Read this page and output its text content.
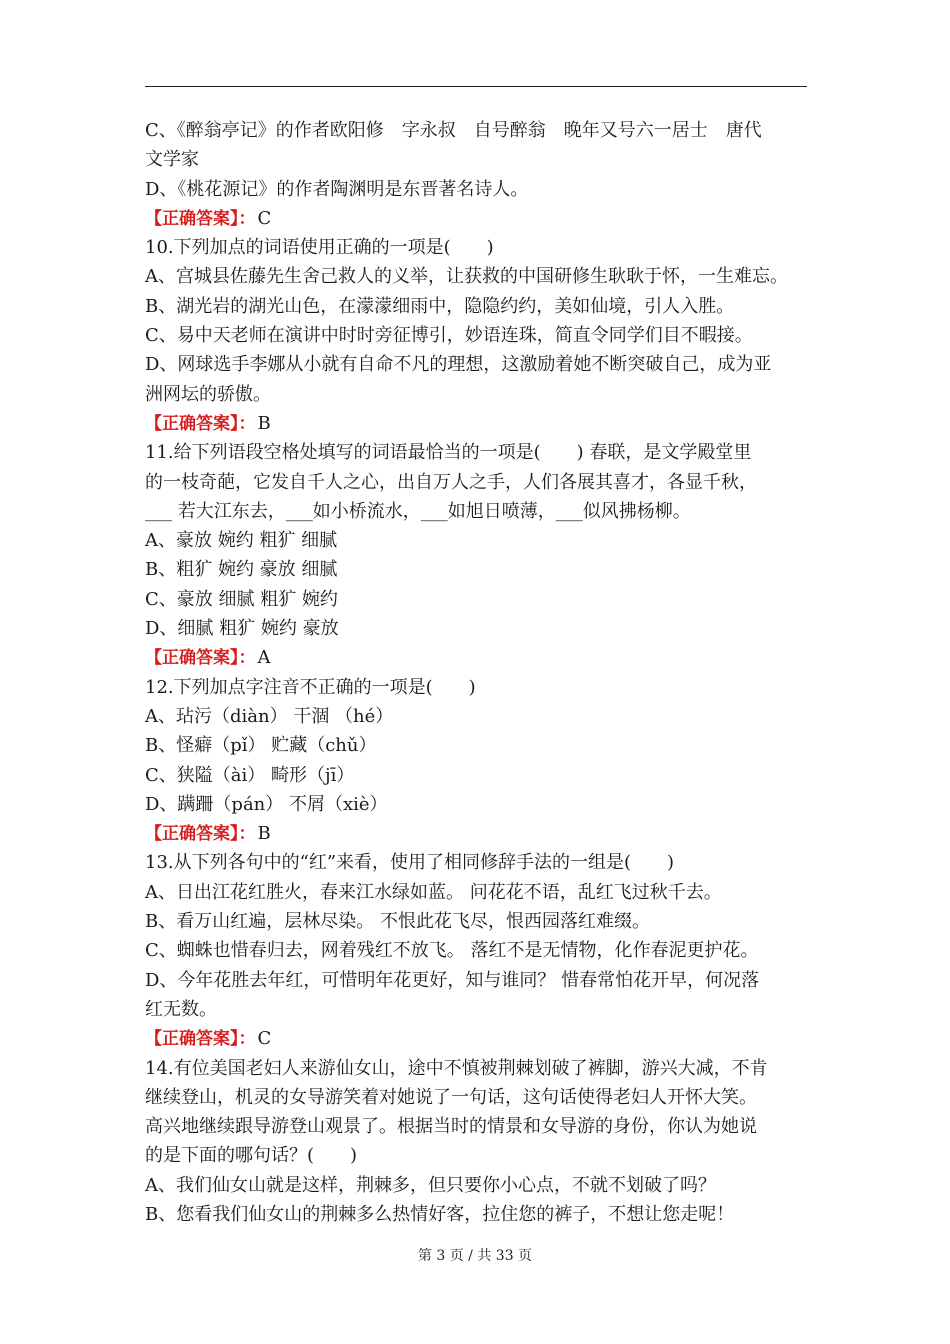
C、《醉翁亭记》的作者欧阳修　字永叔　自号醉翁　晚年又号六一居士　唐代
文学家
D、《桃花源记》的作者陶渊明是东晋著名诗人。
【正确答案】： C
10.下列加点的词语使用正确的一项是(　　)
A、宫城县佐藤先生舍己救人的义举，让获救的中国研修生耿耿于怀，一生难忘。
B、湖光岩的湖光山色，在濛濛细雨中，隐隐约约，美如仙境，引人入胜。
C、易中天老师在演讲中时时旁征博引，妙语连珠，简直令同学们目不暇接。
D、网球选手李娜从小就有自命不凡的理想，这激励着她不断突破自己，成为亚
洲网坛的骄傲。
【正确答案】： B
11.给下列语段空格处填写的词语最恰当的一项是(　　) 春联，是文学殿堂里
的一枝奇葩，它发自千人之心，出自万人之手，人们各展其喜才，各显千秋，
___ 若大江东去，___如小桥流水，___如旭日喷薄，___似风拂杨柳。
A、豪放 婉约 粗犷 细腻
B、粗犷 婉约 豪放 细腻
C、豪放 细腻 粗犷 婉约
D、细腻 粗犷 婉约 豪放
【正确答案】： A
12.下列加点字注音不正确的一项是(　　)
A、玷污（diàn） 干涸 （hé）
B、怪癖（pǐ） 贮藏（chǔ）
C、狭隘（ài） 畸形（jī）
D、蹒跚（pán） 不屑（xiè）
【正确答案】： B
13.从下列各句中的“红”来看，使用了相同修辞手法的一组是(　　)
A、日出江花红胜火，春来江水绿如蓝。 问花花不语，乱红飞过秋千去。
B、看万山红遍，层林尽染。 不恨此花飞尽，恨西园落红难缀。
C、蜘蛛也惜春归去，网着残红不放飞。 落红不是无情物，化作春泥更护花。
D、今年花胜去年红，可惜明年花更好，知与谁同？ 惜春常怕花开早，何况落
红无数。
【正确答案】： C
14.有位美国老妇人来游仙女山，途中不慎被荆棘划破了裤脚，游兴大减，不肯
继续登山，机灵的女导游笑着对她说了一句话，这句话使得老妇人开怀大笑。
高兴地继续跟导游登山观景了。根据当时的情景和女导游的身份，你认为她说
的是下面的哪句话？(　　)
A、我们仙女山就是这样，荆棘多，但只要你小心点，不就不划破了吗？
B、您看我们仙女山的荆棘多么热情好客，拉住您的裤子，不想让您走呢！
第 3 页 / 共 33 页
